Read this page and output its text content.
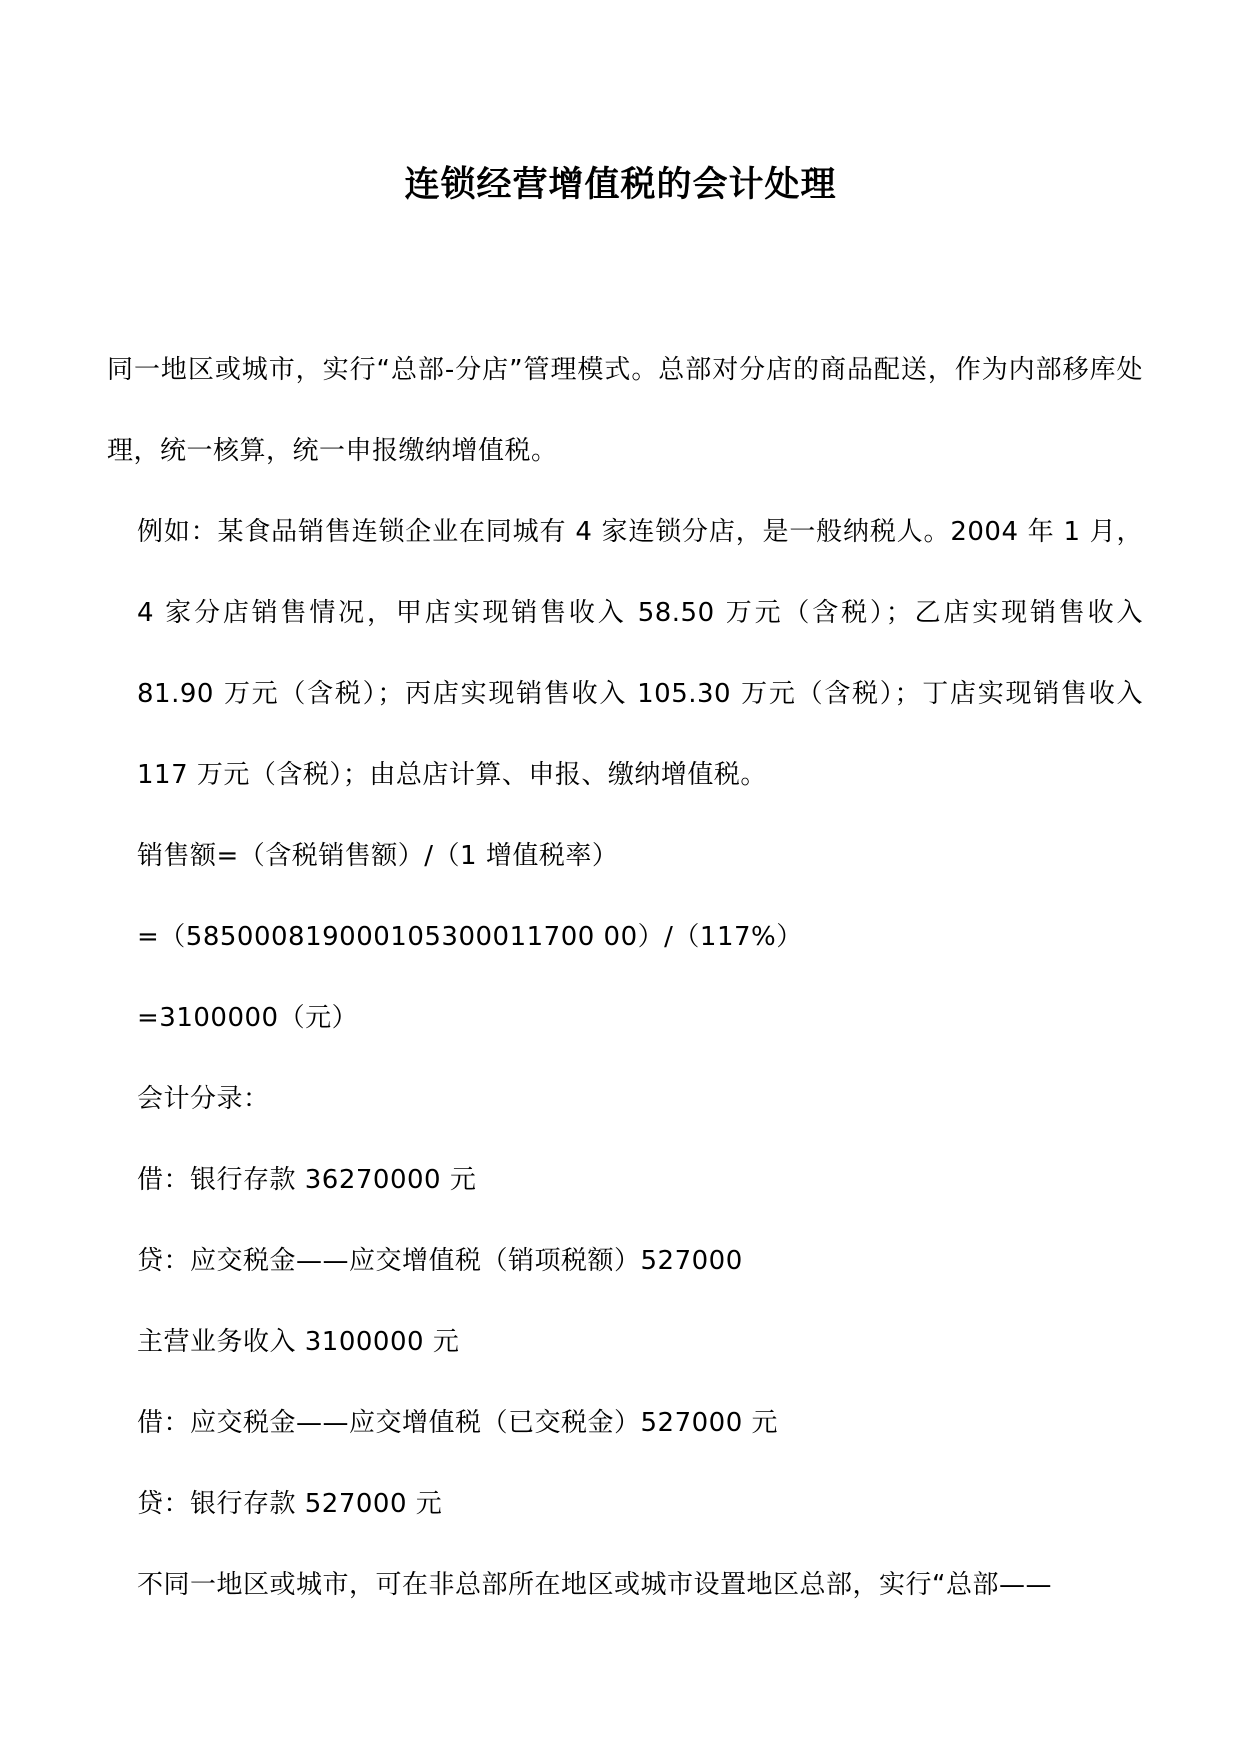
连锁经营增值税的会计处理

同一地区或城市，实行“总部-分店”管理模式。总部对分店的商品配送，作为内部移库处理，统一核算，统一申报缴纳增值税。

例如：某食品销售连锁企业在同城有 4 家连锁分店，是一般纳税人。2004 年 1 月，4 家分店销售情况，甲店实现销售收入 58.50 万元（含税）；乙店实现销售收入 81.90 万元（含税）；丙店实现销售收入 105.30 万元（含税）；丁店实现销售收入 117 万元（含税）；由总店计算、申报、缴纳增值税。

销售额=（含税销售额）/（1 增值税率）

=（585000819000105300011700 00）/（117%）

=3100000（元）

会计分录：

借：银行存款 36270000 元

贷：应交税金——应交增值税（销项税额）527000

主营业务收入 3100000 元

借：应交税金——应交增值税（已交税金）527000 元

贷：银行存款 527000 元

不同一地区或城市，可在非总部所在地区或城市设置地区总部，实行“总部——
